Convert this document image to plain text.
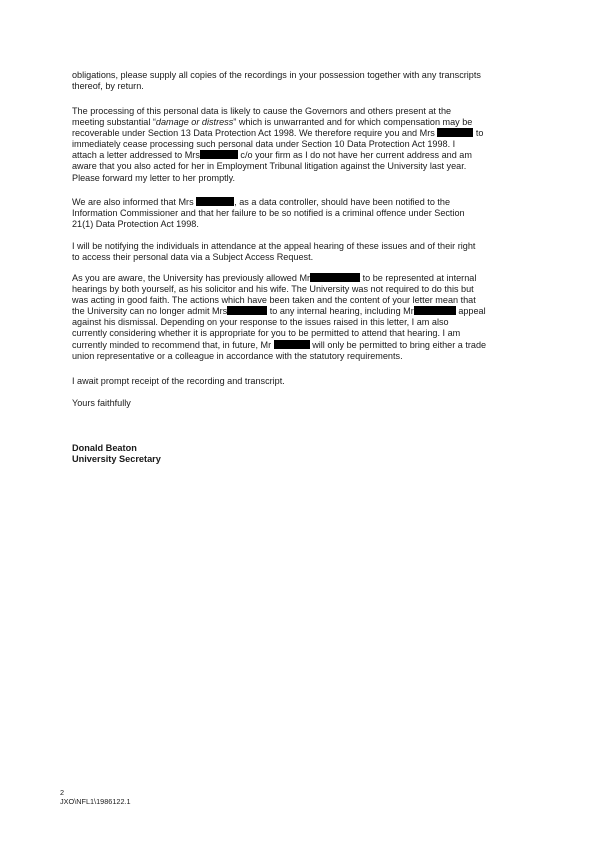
obligations, please supply all copies of the recordings in your possession together with any transcripts
thereof, by return.

The processing of this personal data is likely to cause the Governors and others present at the
meeting substantial “damage or distress” which is unwarranted and for which compensation may be
recoverable under Section 13 Data Protection Act 1998. We therefore require you and Mrs	to
immediately cease processing such personal data under Section 10 Data Protection Act 1998. I
attach a letter addressed to Mrs	c/o your firm as I do not have her current address and am
aware that you also acted for her in Employment Tribunal litigation against the University last year.
Please forward my letter to her promptly.

We are also informed that Mrs	, as a data controller, should have been notified to the
Information Commissioner and that her failure to be so notified is a criminal offence under Section
21(1) Data Protection Act 1998.

I will be notifying the individuals in attendance at the appeal hearing of these issues and of their right
to access their personal data via a Subject Access Request.

As you are aware, the University has previously allowed Mr	to be represented at internal
hearings by both yourself, as his solicitor and his wife. The University was not required to do this but
was acting in good faith. The actions which have been taken and the content of your letter mean that
the University can no longer admit Mrs	to any internal hearing, including Mr	appeal
against his dismissal. Depending on your response to the issues raised in this letter, I am also
currently considering whether it is appropriate for you to be permitted to attend that hearing. I am
currently minded to recommend that, in future, Mr	will only be permitted to bring either a trade
union representative or a colleague in accordance with the statutory requirements.

I await prompt receipt of the recording and transcript.

Yours faithfully

Donald Beaton
University Secretary
2
JXO\NFL1\1986122.1
